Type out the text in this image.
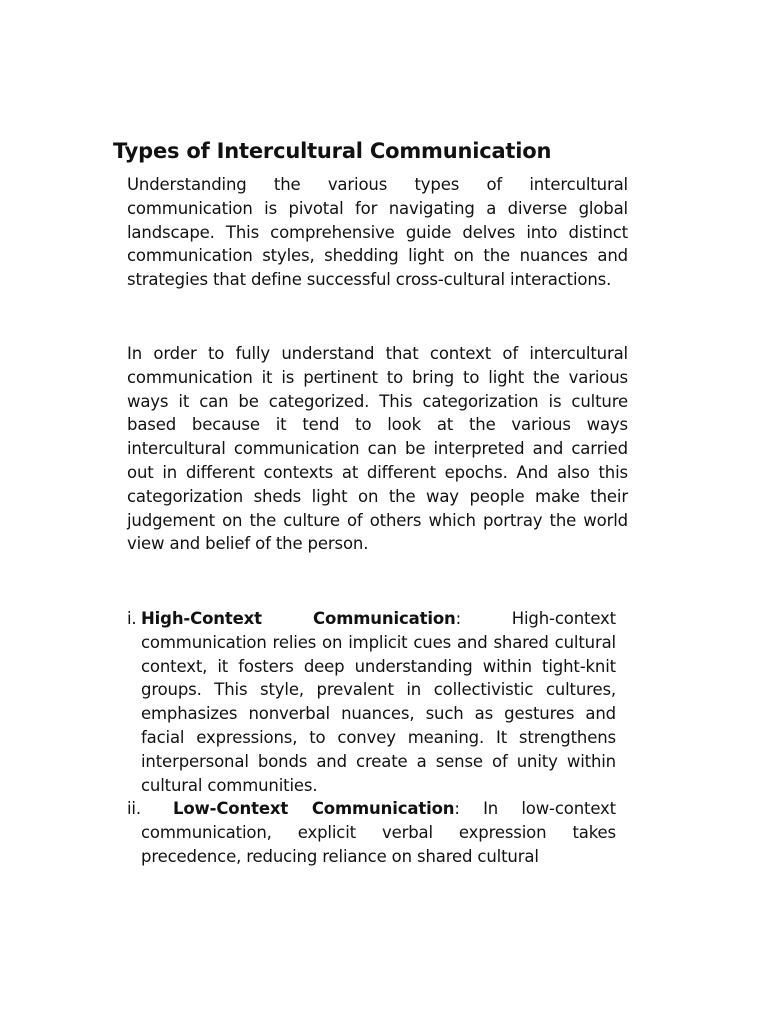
Types of Intercultural Communication

Understanding the various types of intercultural communication is pivotal for navigating a diverse global landscape. This comprehensive guide delves into distinct communication styles, shedding light on the nuances and strategies that define successful cross-cultural interactions.

In order to fully understand that context of intercultural communication it is pertinent to bring to light the various ways it can be categorized. This categorization is culture based because it tend to look at the various ways intercultural communication can be interpreted and carried out in different contexts at different epochs. And also this categorization sheds light on the way people make their judgement on the culture of others which portray the world view and belief of the person.

i. High-Context Communication: High-context communication relies on implicit cues and shared cultural context, it fosters deep understanding within tight-knit groups. This style, prevalent in collectivistic cultures, emphasizes nonverbal nuances, such as gestures and facial expressions, to convey meaning. It strengthens interpersonal bonds and create a sense of unity within cultural communities.
ii.	Low-Context Communication: In low-context communication, explicit verbal expression takes precedence, reducing reliance on shared cultural
